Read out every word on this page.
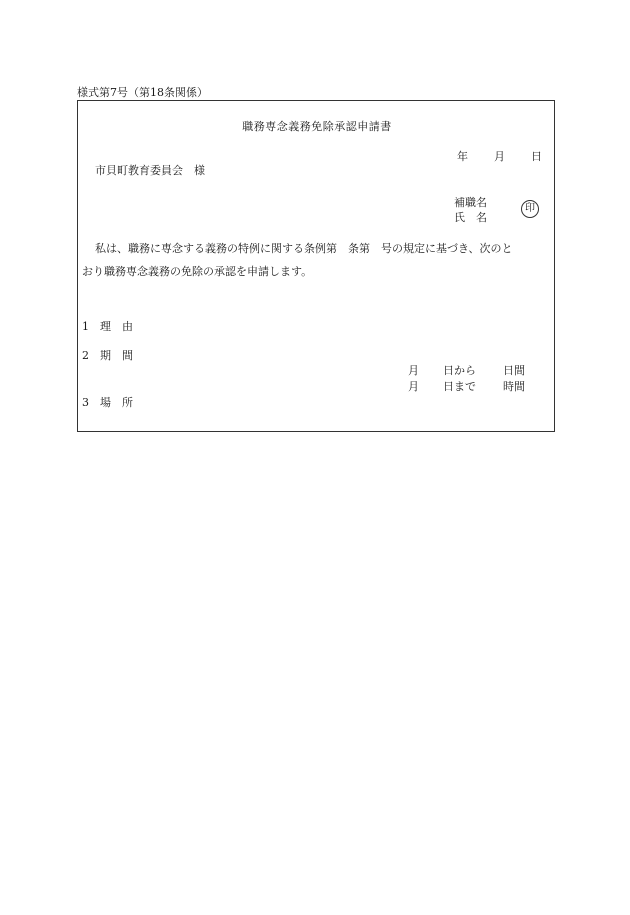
様式第7号（第18条関係）
職務専念義務免除承認申請書
年 月 日
市貝町教育委員会　様
補職名
氏　名
印
私は、職務に専念する義務の特例に関する条例第　条第　号の規定に基づき、次のと
おり職務専念義務の免除の承認を申請します。
1　理　由
2　期　間
月 日から 日間
月 日まで 時間
3　場　所
